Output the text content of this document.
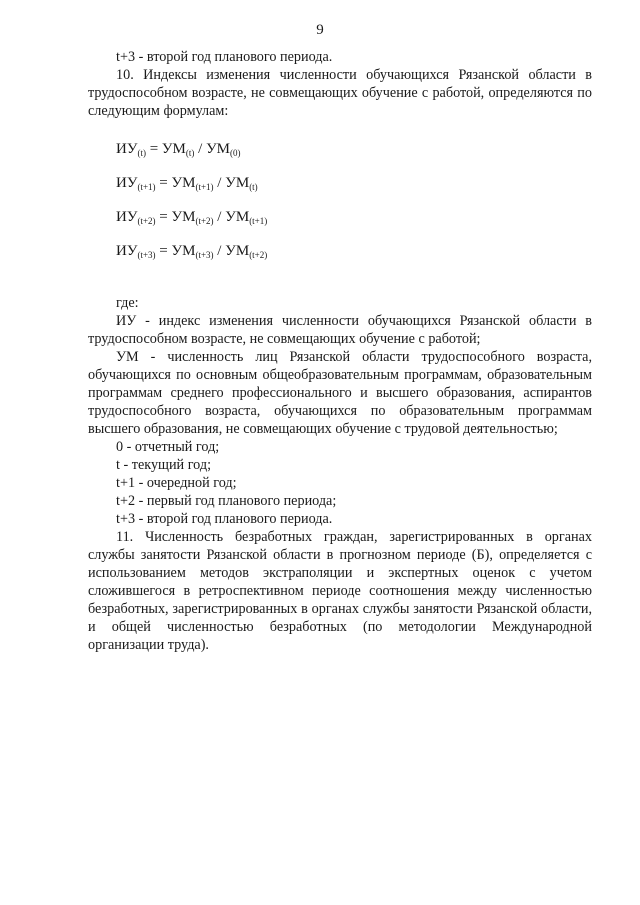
9

t+3 - второй год планового периода.

10. Индексы изменения численности обучающихся Рязанской области в трудоспособном возрасте, не совмещающих обучение с работой, определяются по следующим формулам:

$ИУ_{(t)} = УМ_{(t)} / УМ_{(0)}$
$ИУ_{(t+1)} = УМ_{(t+1)} / УМ_{(t)}$
$ИУ_{(t+2)} = УМ_{(t+2)} / УМ_{(t+1)}$
$ИУ_{(t+3)} = УМ_{(t+3)} / УМ_{(t+2)}$

где:

ИУ - индекс изменения численности обучающихся Рязанской области в трудоспособном возрасте, не совмещающих обучение с работой;

УМ - численность лиц Рязанской области трудоспособного возраста, обучающихся по основным общеобразовательным программам, образовательным программам среднего профессионального и высшего образования, аспирантов трудоспособного возраста, обучающихся по образовательным программам высшего образования, не совмещающих обучение с трудовой деятельностью;

0 - отчетный год;

t - текущий год;

t+1 - очередной год;

t+2 - первый год планового периода;

t+3 - второй год планового периода.

11. Численность безработных граждан, зарегистрированных в органах службы занятости Рязанской области в прогнозном периоде (Б), определяется с использованием методов экстраполяции и экспертных оценок с учетом сложившегося в ретроспективном периоде соотношения между численностью безработных, зарегистрированных в органах службы занятости Рязанской области, и общей численностью безработных (по методологии Международной организации труда).
